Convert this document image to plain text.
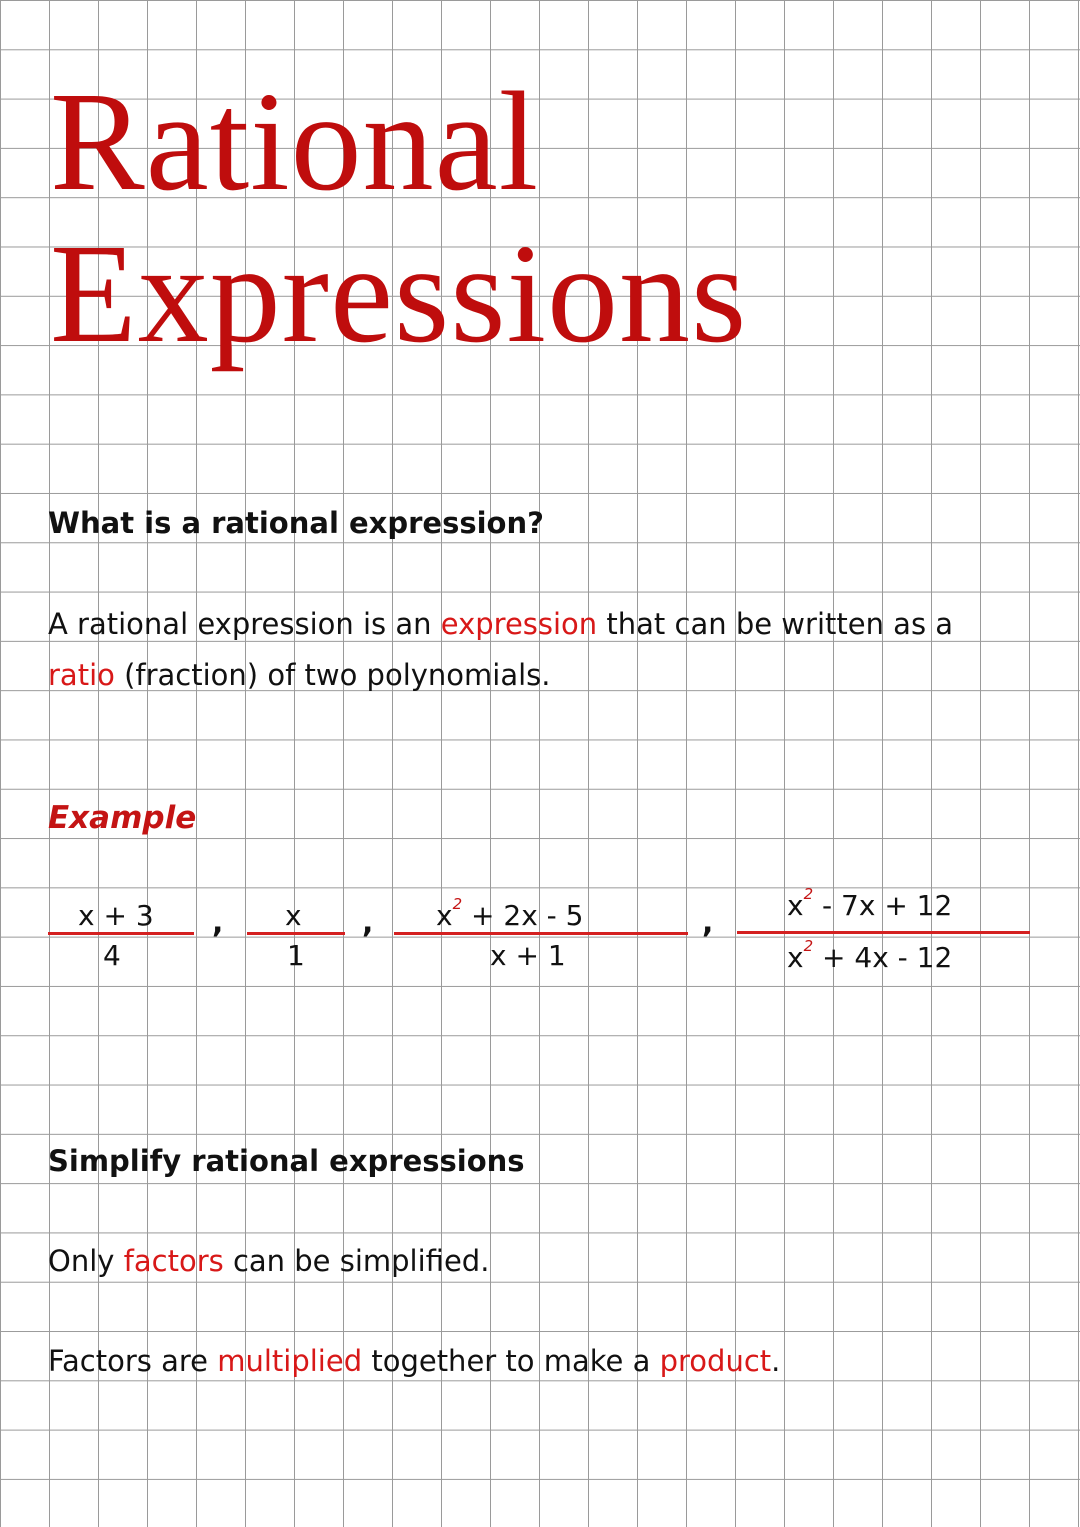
Rational
Expressions
What is a rational expression?

A rational expression is an expression that can be written as a

ratio (fraction) of two polynomials.

Example
x + 3
4
, x
1
, $x^2 + 2x - 5$
x + 1
,	$x^2 - 7x + 12$
$x^2 + 4x - 12$
Simplify rational expressions

Only factors can be simplified.

Factors are multiplied together to make a product.
